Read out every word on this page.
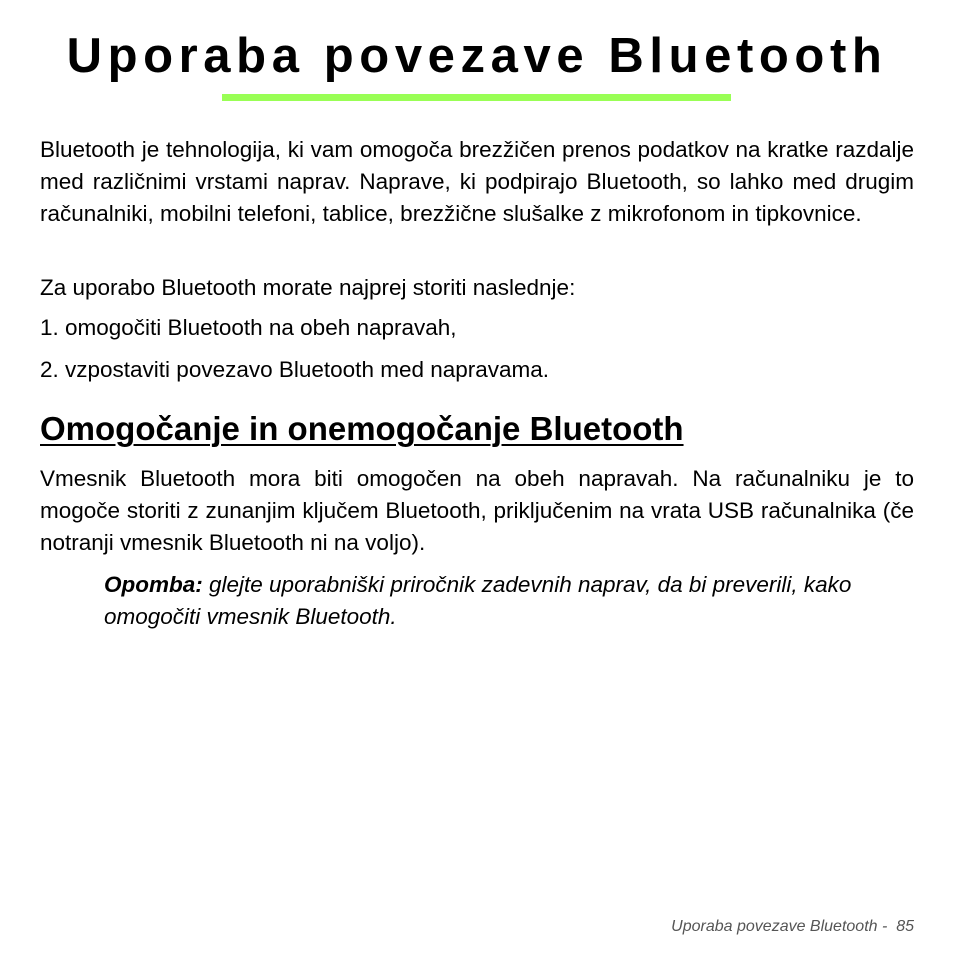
Uporaba povezave Bluetooth

Bluetooth je tehnologija, ki vam omogoča brezžičen prenos podatkov na kratke razdalje med različnimi vrstami naprav. Naprave, ki podpirajo Bluetooth, so lahko med drugim računalniki, mobilni telefoni, tablice, brezžične slušalke z mikrofonom in tipkovnice.

Za uporabo Bluetooth morate najprej storiti naslednje:

1. omogočiti Bluetooth na obeh napravah,

2. vzpostaviti povezavo Bluetooth med napravama.

Omogočanje in onemogočanje Bluetooth

Vmesnik Bluetooth mora biti omogočen na obeh napravah. Na računalniku je to mogoče storiti z zunanjim ključem Bluetooth, priključenim na vrata USB računalnika (če notranji vmesnik Bluetooth ni na voljo).

Opomba: glejte uporabniški priročnik zadevnih naprav, da bi preverili, kako omogočiti vmesnik Bluetooth.

Uporaba povezave Bluetooth - 85
